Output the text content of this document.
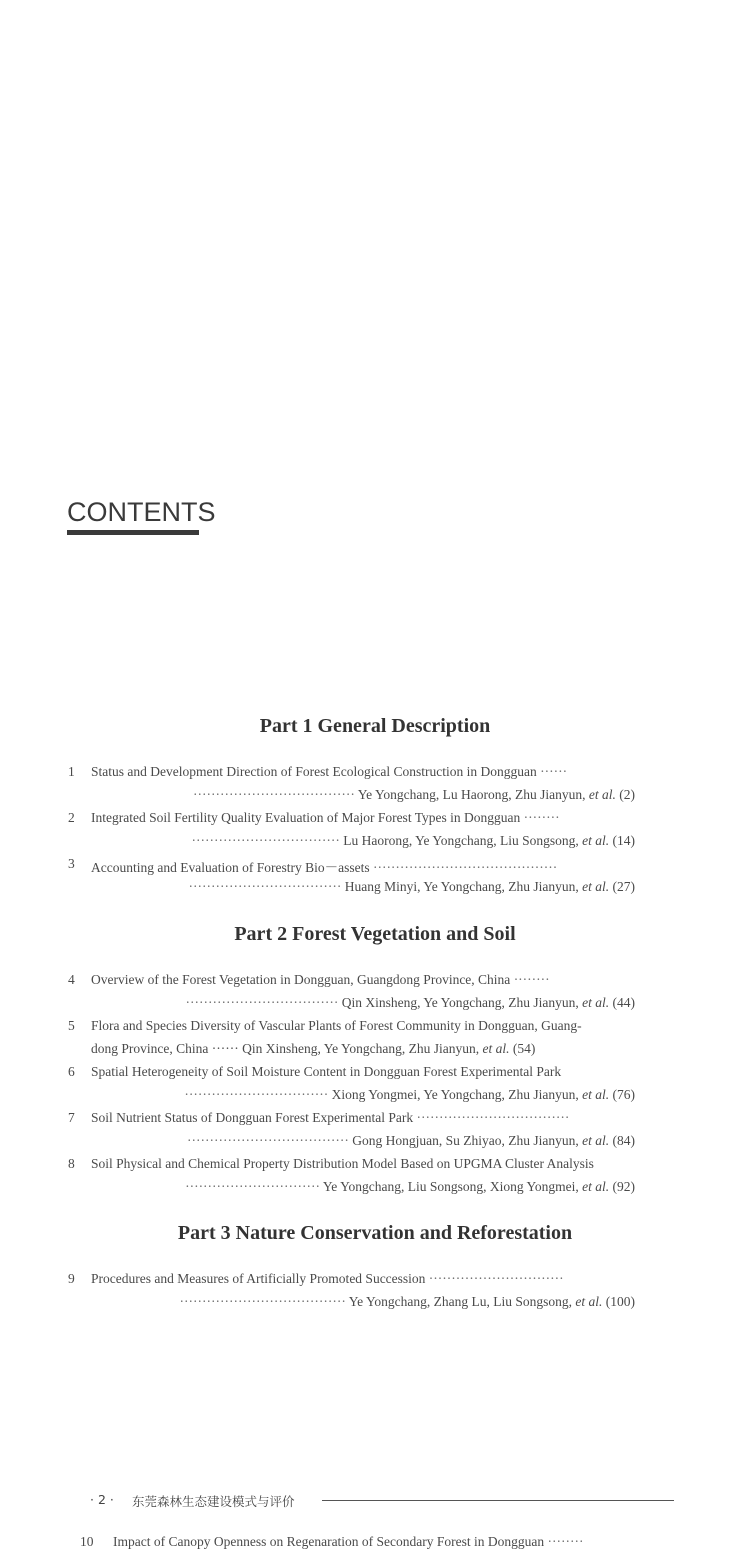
CONTENTS
Part 1 General Description
1 Status and Development Direction of Forest Ecological Construction in Dongguan ······
···································· Ye Yongchang, Lu Haorong, Zhu Jianyun, et al. (2)
2 Integrated Soil Fertility Quality Evaluation of Major Forest Types in Dongguan ········
································· Lu Haorong, Ye Yongchang, Liu Songsong, et al. (14)
3 Accounting and Evaluation of Forestry Bio－assets ·········································
·································· Huang Minyi, Ye Yongchang, Zhu Jianyun, et al. (27)
Part 2 Forest Vegetation and Soil
4 Overview of the Forest Vegetation in Dongguan, Guangdong Province, China ········
·································· Qin Xinsheng, Ye Yongchang, Zhu Jianyun, et al. (44)
5 Flora and Species Diversity of Vascular Plants of Forest Community in Dongguan, Guang-
dong Province, China ······ Qin Xinsheng, Ye Yongchang, Zhu Jianyun, et al. (54)
6 Spatial Heterogeneity of Soil Moisture Content in Dongguan Forest Experimental Park
································ Xiong Yongmei, Ye Yongchang, Zhu Jianyun, et al. (76)
7 Soil Nutrient Status of Dongguan Forest Experimental Park ··································
···································· Gong Hongjuan, Su Zhiyao, Zhu Jianyun, et al. (84)
8 Soil Physical and Chemical Property Distribution Model Based on UPGMA Cluster Analysis
······························ Ye Yongchang, Liu Songsong, Xiong Yongmei, et al. (92)
Part 3 Nature Conservation and Reforestation
9 Procedures and Measures of Artificially Promoted Succession ······························
····································· Ye Yongchang, Zhang Lu, Liu Songsong, et al. (100)
· 2 · 东莞森林生态建设模式与评价
10 Impact of Canopy Openness on Regenaration of Secondary Forest in Dongguan ········
